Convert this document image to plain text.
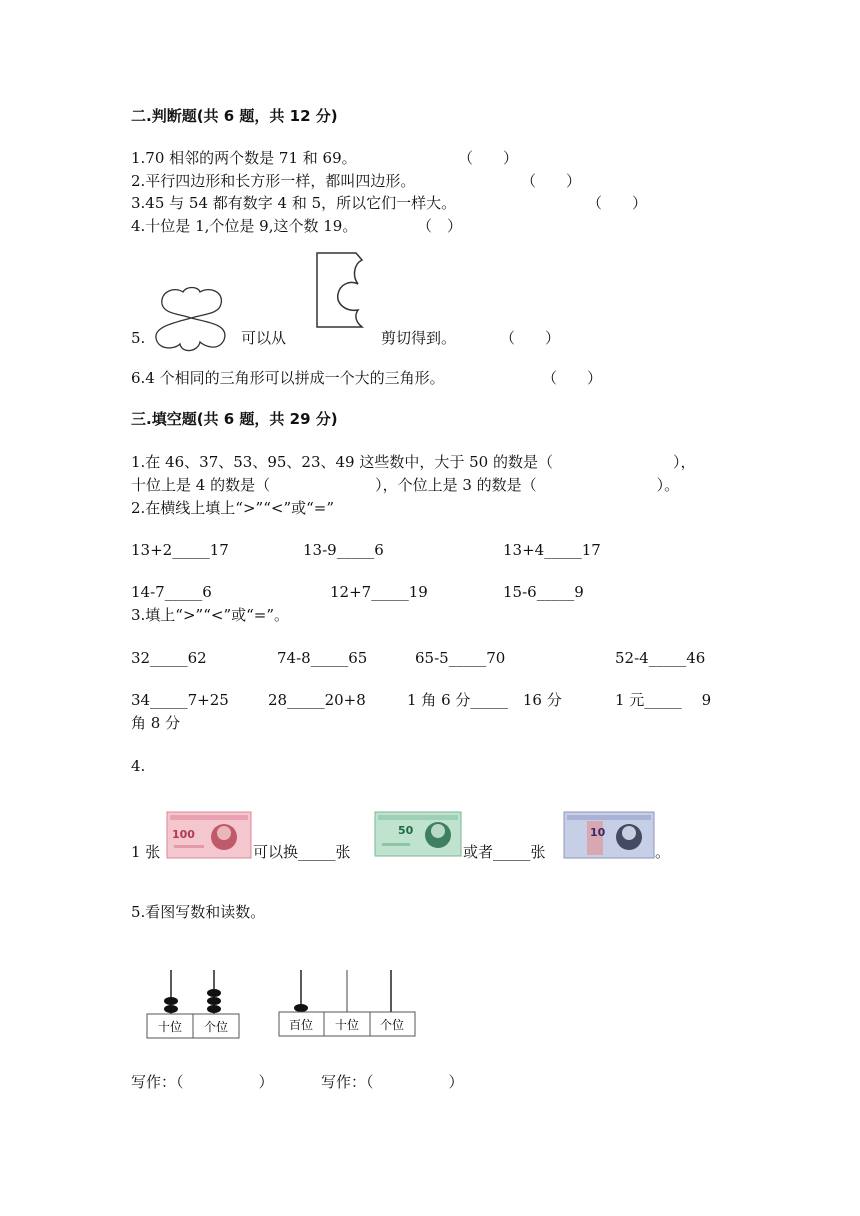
二.判断题(共 6 题，共 12 分)
1.70 相邻的两个数是 71 和 69。	（　　）
2.平行四边形和长方形一样，都叫四边形。	（　　）
3.45 与 54 都有数字 4 和 5，所以它们一样大。	（　　）
4.十位是 1,个位是 9,这个数 19。	（　）
5.	可以从	剪切得到。	（　　）
6.4 个相同的三角形可以拼成一个大的三角形。	（　　）
三.填空题(共 6 题，共 29 分)
1.在 46、37、53、95、23、49 这些数中，大于 50 的数是（　　　　　　　　），
十位上是 4 的数是（　　　　　　　），个位上是 3 的数是（　　　　　　　　）。
2.在横线上填上“>”“<”或“=”
13+2_____17	13-9_____6	13+4_____17
14-7_____6	12+7_____19	15-6_____9
3.填上“>”“<”或“=”。
32_____62	74-8_____65	65-5_____70	52-4_____46
34_____7+25	28_____20+8	1 角 6 分_____　16 分	1 元_____　 9
角 8 分
4.
1 张
100
可以换_____张
50
或者_____张
10
。
5.看图写数和读数。
十位 个位	百位 十位 个位
写作：（　　　　　）	写作：（　　　　　）
